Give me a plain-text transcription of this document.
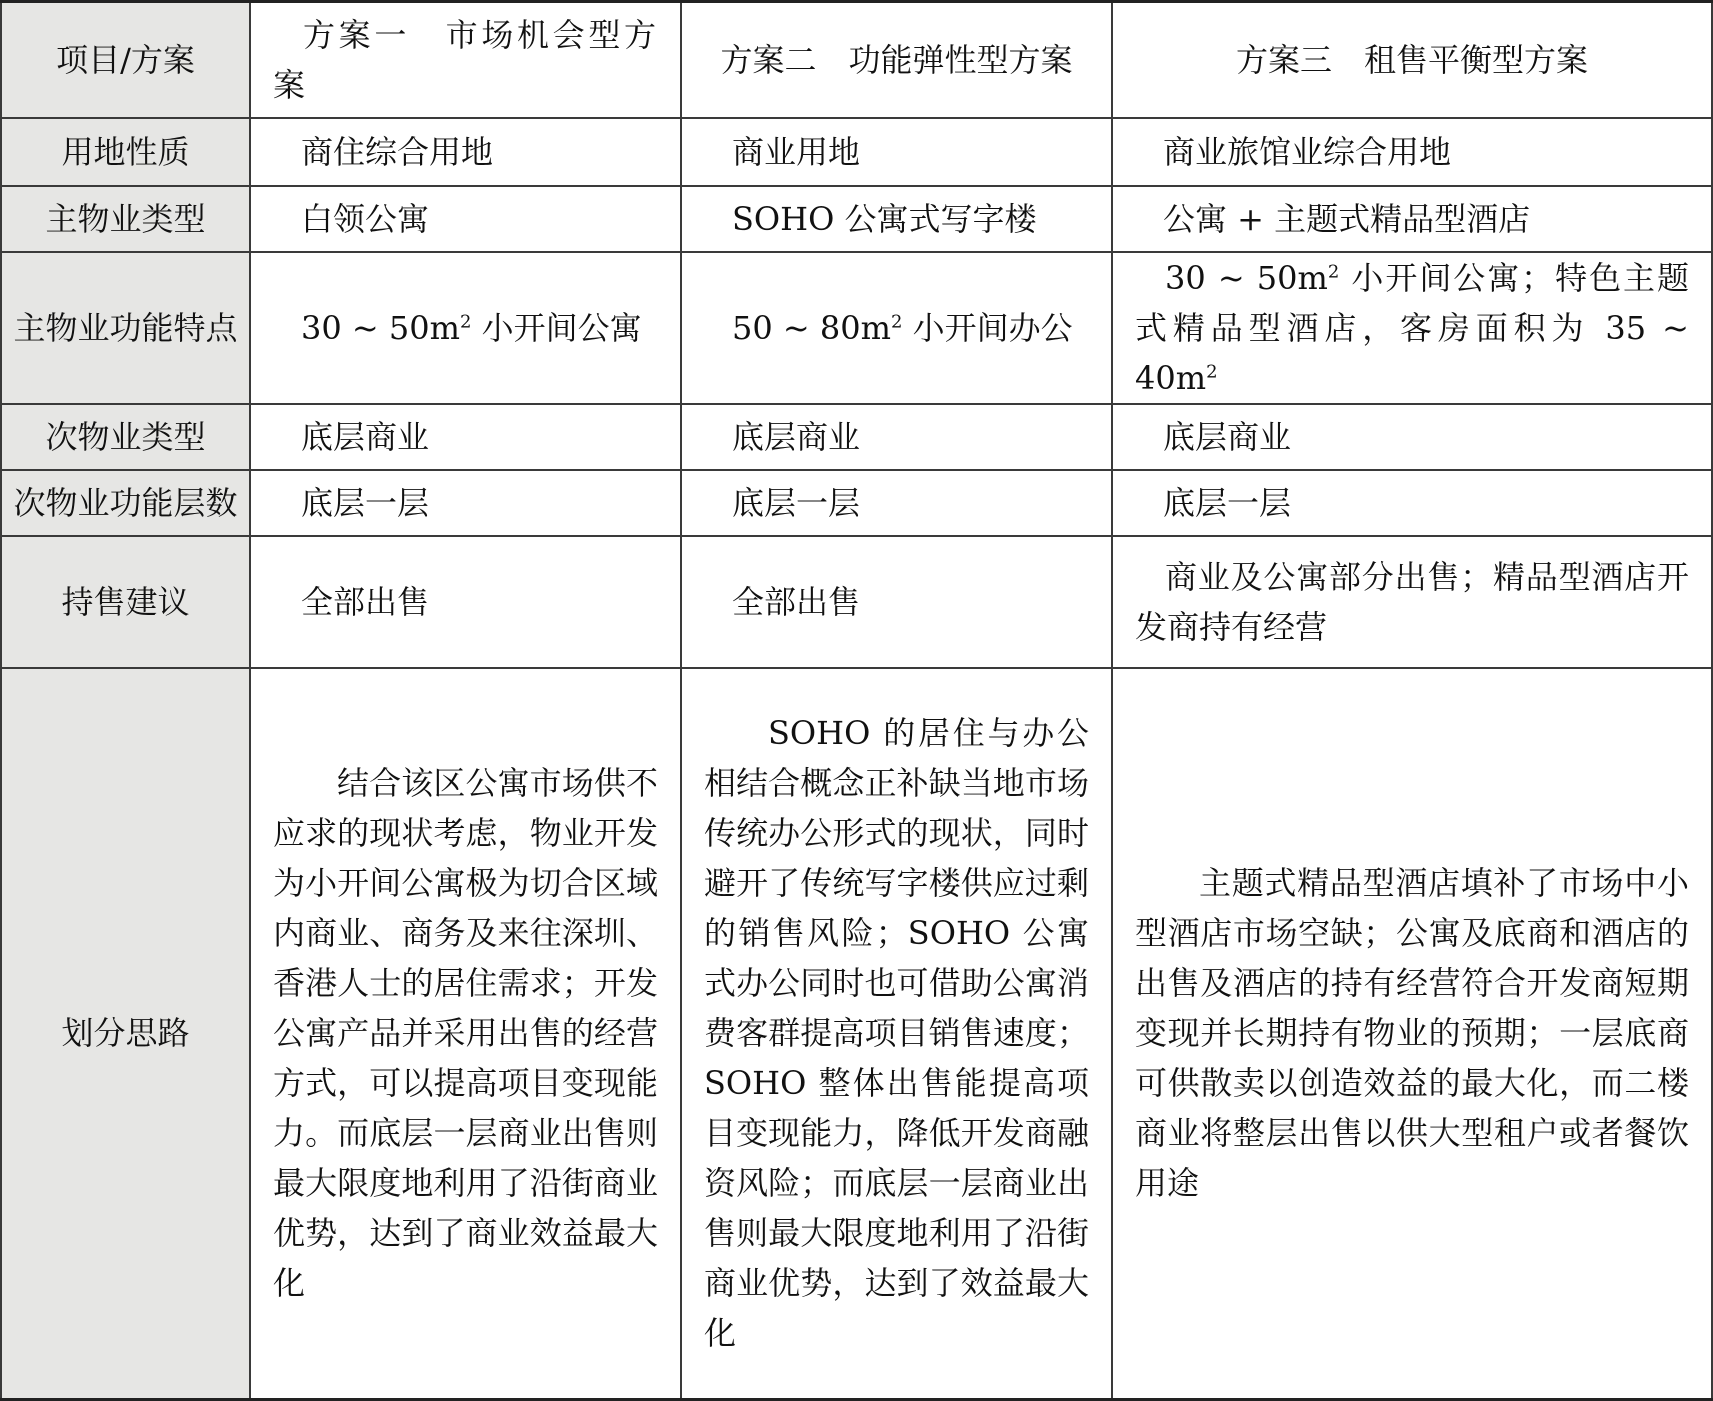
项目/方案	方案一　市场机会型方案	方案二　功能弹性型方案	方案三　租售平衡型方案
用地性质	商住综合用地	商业用地	商业旅馆业综合用地
主物业类型	白领公寓	SOHO 公寓式写字楼	公寓 + 主题式精品型酒店
主物业功能特点	30 ~ $50m^2$ 小开间公寓	50 ~ $80m^2$ 小开间办公	30 ~ $50m^2$ 小开间公寓；特色主题式精品型酒店，客房面积为 35 ~ $40m^2$
次物业类型	底层商业	底层商业	底层商业
次物业功能层数	底层一层	底层一层	底层一层
持售建议	全部出售	全部出售	商业及公寓部分出售；精品型酒店开发商持有经营
划分思路	结合该区公寓市场供不应求的现状考虑，物业开发为小开间公寓极为切合区域内商业、商务及来往深圳、香港人士的居住需求；开发公寓产品并采用出售的经营方式，可以提高项目变现能力。而底层一层商业出售则最大限度地利用了沿街商业优势，达到了商业效益最大化	SOHO 的居住与办公相结合概念正补缺当地市场传统办公形式的现状，同时避开了传统写字楼供应过剩的销售风险；SOHO 公寓式办公同时也可借助公寓消费客群提高项目销售速度；SOHO 整体出售能提高项目变现能力，降低开发商融资风险；而底层一层商业出售则最大限度地利用了沿街商业优势，达到了效益最大化	主题式精品型酒店填补了市场中小型酒店市场空缺；公寓及底商和酒店的出售及酒店的持有经营符合开发商短期变现并长期持有物业的预期；一层底商可供散卖以创造效益的最大化，而二楼商业将整层出售以供大型租户或者餐饮用途
